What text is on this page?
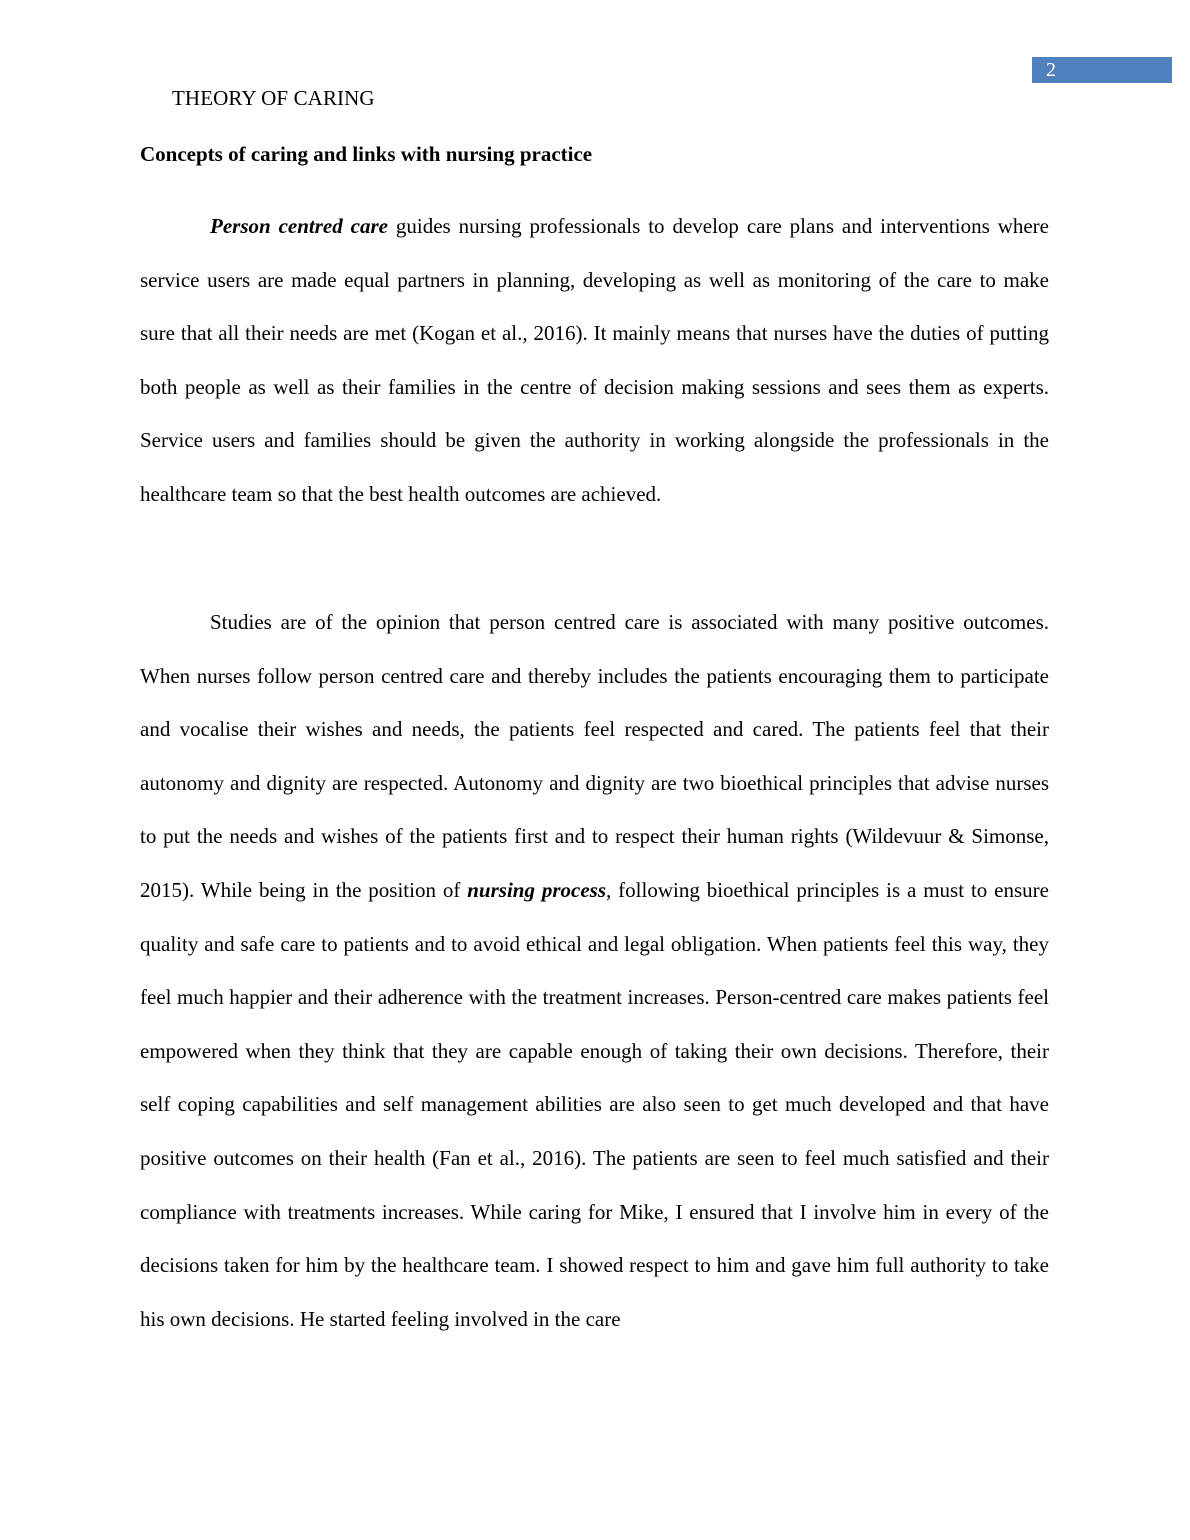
2
THEORY OF CARING
Concepts of caring and links with nursing practice

Person centred care guides nursing professionals to develop care plans and interventions where service users are made equal partners in planning, developing as well as monitoring of the care to make sure that all their needs are met (Kogan et al., 2016). It mainly means that nurses have the duties of putting both people as well as their families in the centre of decision making sessions and sees them as experts. Service users and families should be given the authority in working alongside the professionals in the healthcare team so that the best health outcomes are achieved.

Studies are of the opinion that person centred care is associated with many positive outcomes. When nurses follow person centred care and thereby includes the patients encouraging them to participate and vocalise their wishes and needs, the patients feel respected and cared. The patients feel that their autonomy and dignity are respected. Autonomy and dignity are two bioethical principles that advise nurses to put the needs and wishes of the patients first and to respect their human rights (Wildevuur & Simonse, 2015). While being in the position of nursing process, following bioethical principles is a must to ensure quality and safe care to patients and to avoid ethical and legal obligation. When patients feel this way, they feel much happier and their adherence with the treatment increases. Person-centred care makes patients feel empowered when they think that they are capable enough of taking their own decisions. Therefore, their self coping capabilities and self management abilities are also seen to get much developed and that have positive outcomes on their health (Fan et al., 2016). The patients are seen to feel much satisfied and their compliance with treatments increases. While caring for Mike, I ensured that I involve him in every of the decisions taken for him by the healthcare team. I showed respect to him and gave him full authority to take his own decisions. He started feeling involved in the care
